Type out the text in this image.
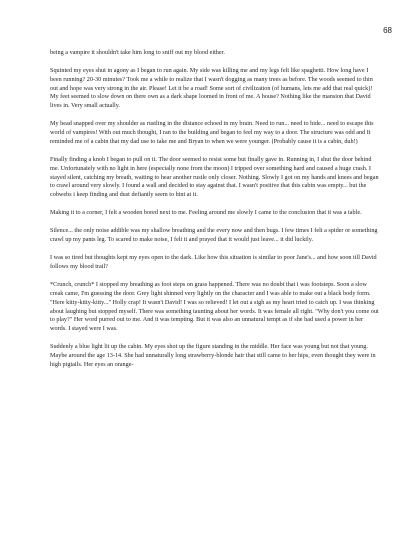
68

being a vampire it shouldn't take him long to sniff out my blood either.

Squinted my eyes shut in agony as I began to run again. My side was killing me and my legs felt like spaghetti. How long have I been running? 20-30 minutes? Took me a while to realize that I wasn't dogging as many trees as before. The woods seemed to thin out and hope was very strong in the air. Please! Let it be a road! Some sort of civilization (of humans, lets me add that real quick)! My feet seemed to slow down on there own as a dark shape loomed in front of me. A house? Nothing like the mansion that David lives in. Very small actually.

My head snapped over my shoulder as rustling in the distance echoed in my brain. Need to run... need to hide... need to escape this world of vampires! With out much thought, I ran to the building and began to feel my way to a door. The structure was odd and It reminded me of a cabin that my dad use to take me and Bryan to when we were younger. (Probably cause it is a cabin, duh!)

Finally finding a knob I began to pull on it. The door seemed to resist some but finally gave in. Running in, I shut the door behind me. Unfortunately with no light in here (especially none from the moon) I tripped over something hard and caused a huge crash. I stayed silent, catching my breath, waiting to hear another rustle only closer. Nothing. Slowly I got on my hands and knees and began to crawl around very slowly. I found a wall and decided to stay against that. I wasn't positive that this cabin was empty... but the cobwebs i keep finding and dust defiantly seem to hint at it.

Making it to a corner, I felt a wooden bored next to me. Feeling around me slowly I came to the conclusion that it was a table.

Silence... the only noise addible was my shallow breathing and the every now and then bugs. I few times I felt a spider or something crawl up my pants leg. To scared to make noise, I felt it and prayed that it would just leave... it did luckily.

I was so tired but thoughts kept my eyes open to the dark. Like how this situation is similar to poor Jane's... and how soon till David follows my blood trail?

*Crunch, crunch* I stopped my breathing as foot steps on grass happened. There was no doubt that i was footsteps. Soon a slow creak came, I'm guessing the door. Grey light shinned very lightly on the character and I was able to make out a black body form. "Here kitty-kitty-kitty..." Holly crap! It wasn't David! I was so relieved! I let out a sigh as my heart tried to catch up. I was thinking about laughing but stopped myself. There was something taunting about her words. It was female all right. "Why don't you come out to play?" Her word purred out to me. And it was tempting. But it was also an unnatural tempt as if she had used a power in her words. I stayed were I was.

Suddenly a blue light lit up the cabin. My eyes shot up the figure standing in the middle. Her face was young but not that young. Maybe around the age 13-14. She had unnaturally long strawberry-blonde hair that still came to her hips, even thought they were in high pigtails. Her eyes an orange-
